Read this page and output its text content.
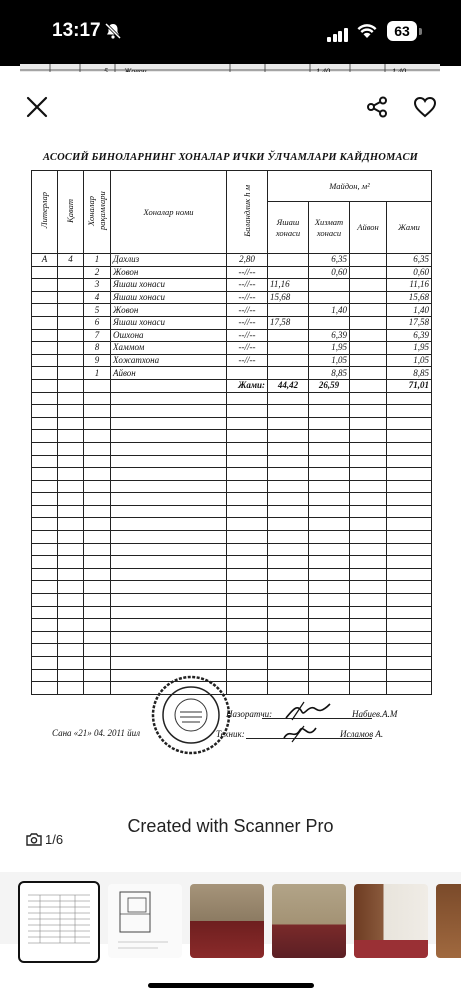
13:17	63
АСОСИЙ БИНОЛАРНИНГ ХОНАЛАР ИЧКИ ЎЛЧАМЛАРИ КАЙДНОМАСИ
Литерлар	Қават	Хоналар рақамлари	Хоналар номи	Баландлик h м	Майдон, м²			
					Яшаш хонаси	Хизмат хонаси	Айвон	Жами
А	4	1	Дахлиз	2,80		6,35		6,35
		2	Жовон	--//--		0,60		0,60
		3	Яшаш хонаси	--//--	11,16			11,16
		4	Яшаш хонаси	--//--	15,68			15,68
		5	Жовон	--//--		1,40		1,40
		6	Яшаш хонаси	--//--	17,58			17,58
		7	Ошхона	--//--		6,39		6,39
		8	Хаммом	--//--		1,95		1,95
		9	Хожатхона	--//--		1,05		1,05
		1	Айвон			8,85		8,85
				Жами:	44,42	26,59		71,01

Сана «21» 04. 2011 йил
Назоратчи:	Набиев.А.М
Техник:	Исламов А.
Created with Scanner Pro
1/6
